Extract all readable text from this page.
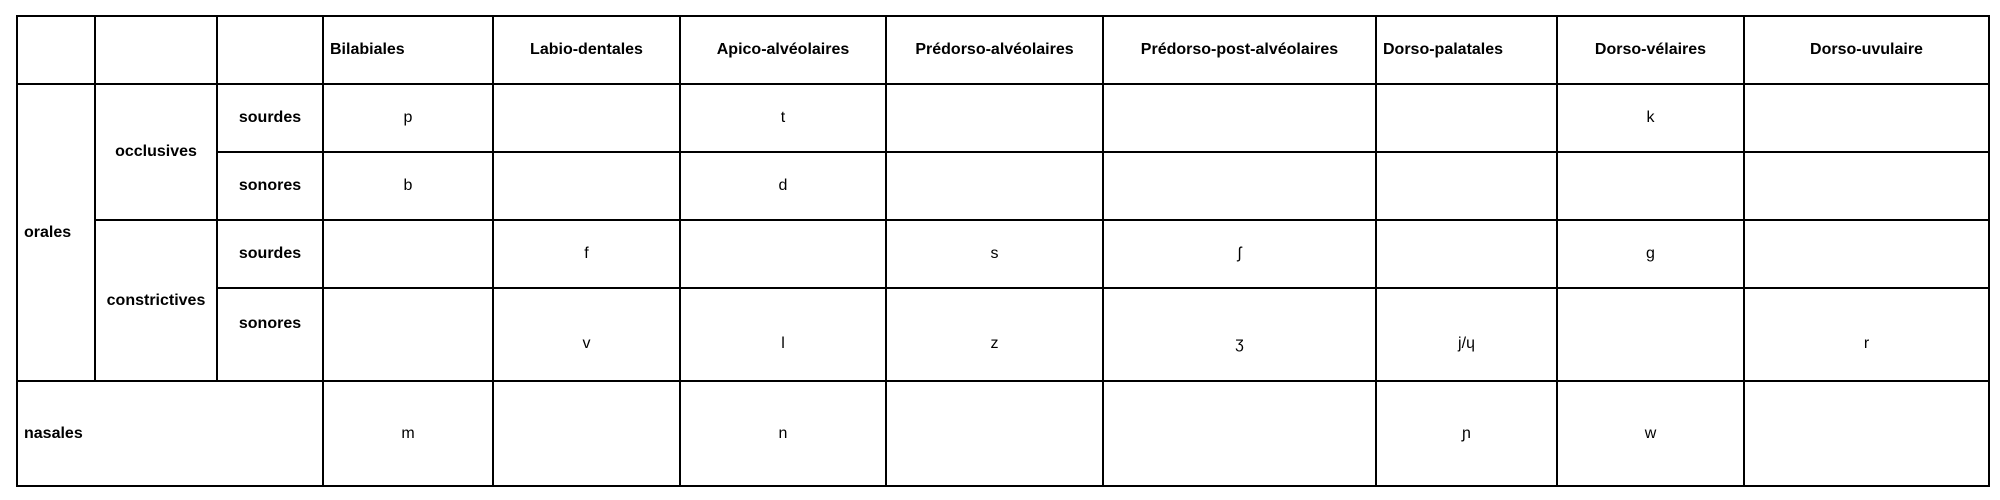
			Bilabiales	Labio-dentales	Apico-alvéolaires	Prédorso-alvéolaires	Prédorso-post-alvéolaires	Dorso-palatales	Dorso-vélaires	Dorso-uvulaire
orales	occlusives	sourdes	p		t				k	
		sonores	b		d					
	constrictives	sourdes		f		s	ʃ		g	
		sonores		v	l	z	ʒ	j/ɥ		r
nasales			m		n			ɲ	w	
